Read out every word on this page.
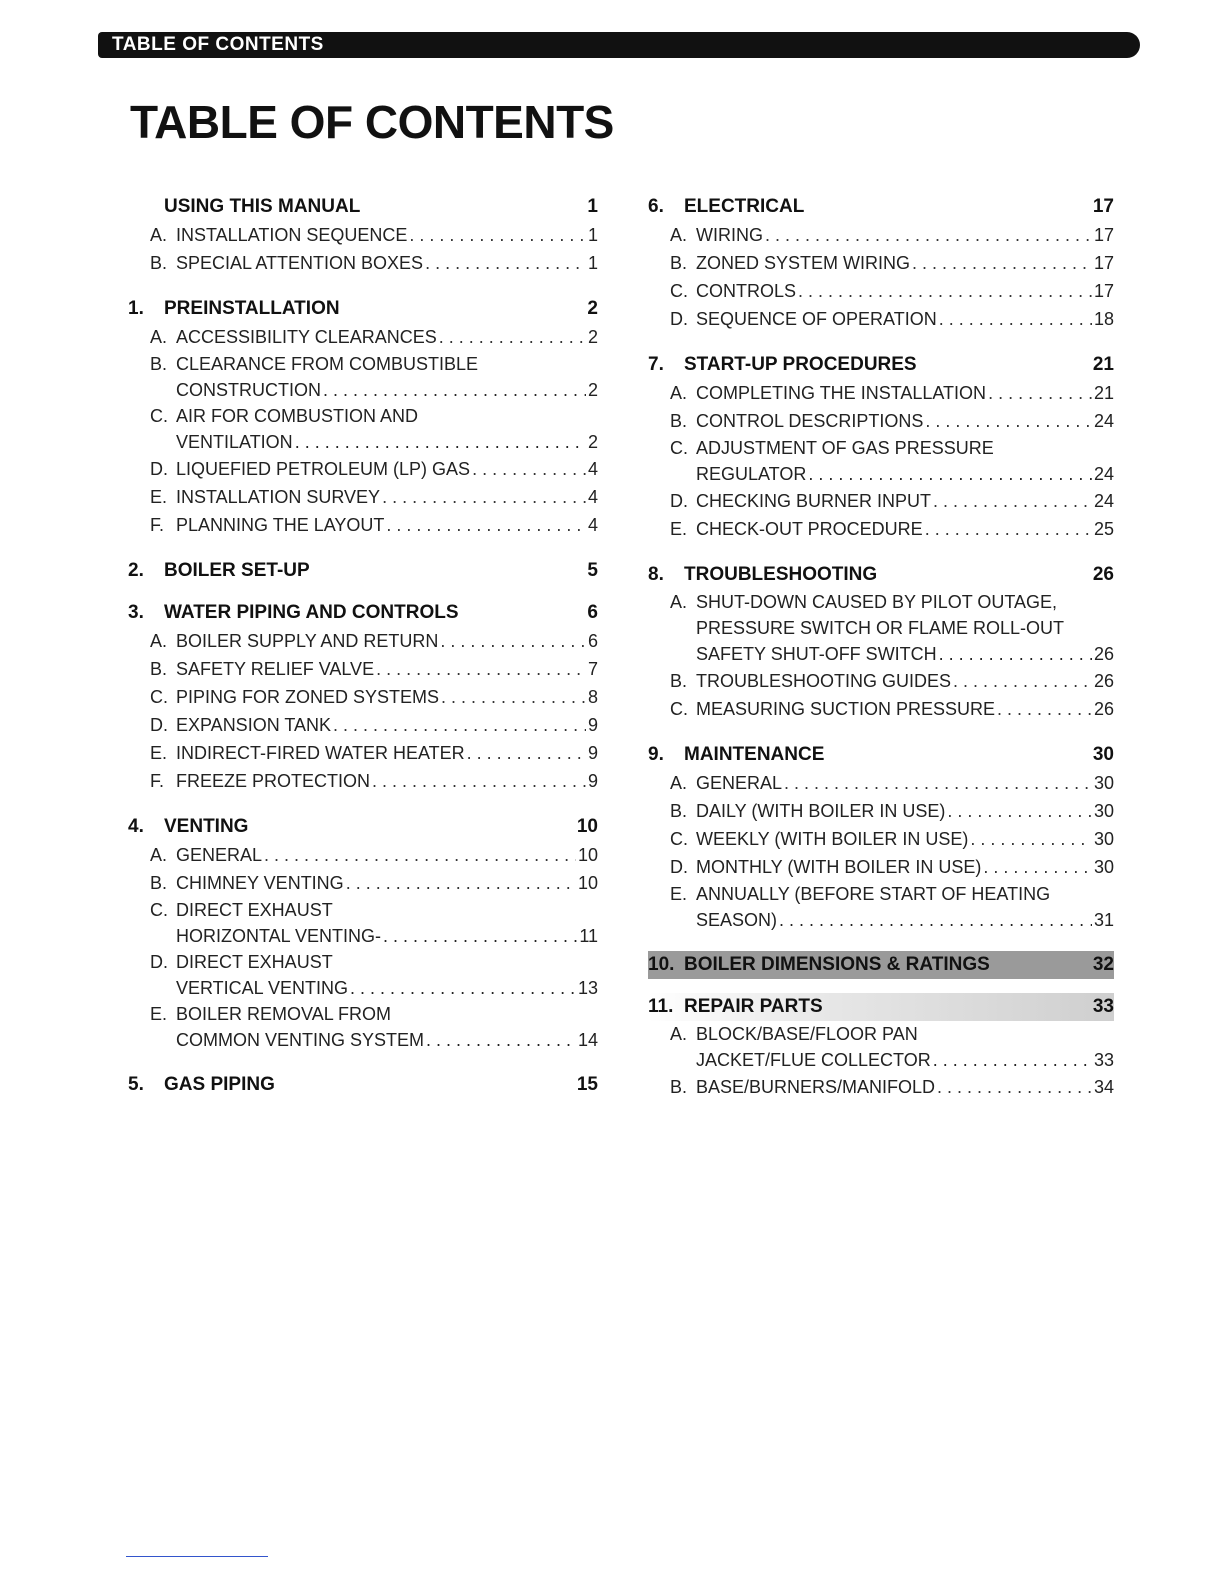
TABLE OF CONTENTS
TABLE OF CONTENTS
USING THIS MANUAL	1
A. INSTALLATION SEQUENCE . . .	1
B. SPECIAL ATTENTION BOXES . . .	1
1.	PREINSTALLATION	2
A. ACCESSIBILITY CLEARANCES . . .	2
B. CLEARANCE FROM COMBUSTIBLE
CONSTRUCTION . . .	2
C. AIR FOR COMBUSTION AND
VENTILATION . . .	2
D. LIQUEFIED PETROLEUM (LP) GAS . . .	4
E. INSTALLATION SURVEY . . .	4
F. PLANNING THE LAYOUT . . .	4
2.	BOILER SET-UP	5
3.	WATER PIPING AND CONTROLS	6
A. BOILER SUPPLY AND RETURN . . .	6
B. SAFETY RELIEF VALVE . . .	7
C. PIPING FOR ZONED SYSTEMS . . .	8
D. EXPANSION TANK . . .	9
E. INDIRECT-FIRED WATER HEATER . . .	9
F. FREEZE PROTECTION . . .	9
4.	VENTING	10
A. GENERAL . . .	10
B. CHIMNEY VENTING . . .	10
C. DIRECT EXHAUST
HORIZONTAL VENTING- . . .	11
D. DIRECT EXHAUST
VERTICAL VENTING . . .	13
E. BOILER REMOVAL FROM
COMMON VENTING SYSTEM . . .	14
5.	GAS PIPING	15
6.	ELECTRICAL	17
A. WIRING . . .	17
B. ZONED SYSTEM WIRING . . .	17
C. CONTROLS . . .	17
D. SEQUENCE OF OPERATION . . .	18
7.	START-UP PROCEDURES	21
A. COMPLETING THE INSTALLATION . . .	21
B. CONTROL DESCRIPTIONS . . .	24
C. ADJUSTMENT OF GAS PRESSURE
REGULATOR . . .	24
D. CHECKING BURNER INPUT . . .	24
E. CHECK-OUT PROCEDURE . . .	25
8.	TROUBLESHOOTING	26
A. SHUT-DOWN CAUSED BY PILOT OUTAGE,
PRESSURE SWITCH OR FLAME ROLL-OUT
SAFETY SHUT-OFF SWITCH . . .	26
B. TROUBLESHOOTING GUIDES . . .	26
C. MEASURING SUCTION PRESSURE . . .	26
9.	MAINTENANCE	30
A. GENERAL . . .	30
B. DAILY (WITH BOILER IN USE) . . .	30
C. WEEKLY (WITH BOILER IN USE) . . .	30
D. MONTHLY (WITH BOILER IN USE) . . .	30
E. ANNUALLY (BEFORE START OF HEATING
SEASON) . . .	31
10. BOILER DIMENSIONS & RATINGS	32
11. REPAIR PARTS	33
A. BLOCK/BASE/FLOOR PAN
JACKET/FLUE COLLECTOR . . .	33
B. BASE/BURNERS/MANIFOLD . . .	34
